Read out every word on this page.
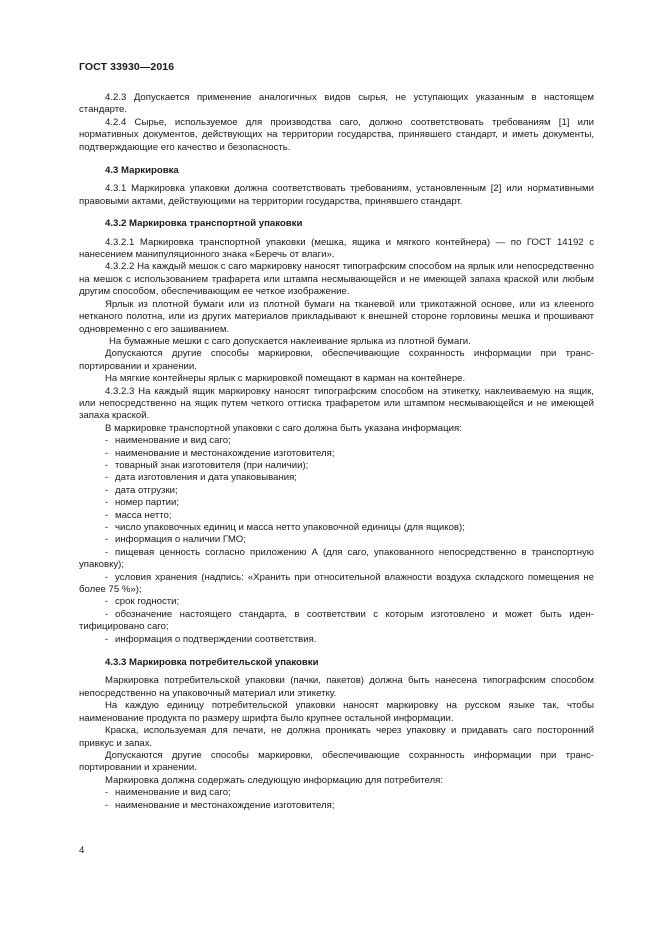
ГОСТ 33930—2016

4.2.3 Допускается применение аналогичных видов сырья, не уступающих указанным в настоящем стандарте.

4.2.4 Сырье, используемое для производства саго, должно соответствовать требованиям [1] или нормативных документов, действующих на территории государства, принявшего стандарт, и иметь документы, подтверждающие его качество и безопасность.

4.3 Маркировка

4.3.1 Маркировка упаковки должна соответствовать требованиям, установленным [2] или нормативными правовыми актами, действующими на территории государства, принявшего стандарт.

4.3.2 Маркировка транспортной упаковки

4.3.2.1 Маркировка транспортной упаковки (мешка, ящика и мягкого контейнера) — по ГОСТ 14192 с нанесением манипуляционного знака «Беречь от влаги».

4.3.2.2 На каждый мешок с саго маркировку наносят типографским способом на ярлык или непосредственно на мешок с использованием трафарета или штампа несмывающейся и не имеющей запаха краской или любым другим способом, обеспечивающим ее четкое изображение.

Ярлык из плотной бумаги или из плотной бумаги на тканевой или трикотажной основе, или из клееного нетканого полотна, или из других материалов прикладывают к внешней стороне горловины мешка и прошивают одновременно с его зашиванием.

На бумажные мешки с саго допускается наклеивание ярлыка из плотной бумаги.

Допускаются другие способы маркировки, обеспечивающие сохранность информации при транспортировании и хранении.

На мягкие контейнеры ярлык с маркировкой помещают в карман на контейнере.

4.3.2.3 На каждый ящик маркировку наносят типографским способом на этикетку, наклеиваемую на ящик, или непосредственно на ящик путем четкого оттиска трафаретом или штампом несмывающейся и не имеющей запаха краской.

В маркировке транспортной упаковки с саго должна быть указана информация:

- наименование и вид саго;

- наименование и местонахождение изготовителя;

- товарный знак изготовителя (при наличии);

- дата изготовления и дата упаковывания;

- дата отгрузки;

- номер партии;

- масса нетто;

- число упаковочных единиц и масса нетто упаковочной единицы (для ящиков);

- информация о наличии ГМО;

- пищевая ценность согласно приложению А (для саго, упакованного непосредственно в транспортную упаковку);

- условия хранения (надпись: «Хранить при относительной влажности воздуха складского помещения не более 75 %»);

- срок годности;

- обозначение настоящего стандарта, в соответствии с которым изготовлено и может быть идентифицировано саго;

- информация о подтверждении соответствия.

4.3.3 Маркировка потребительской упаковки

Маркировка потребительской упаковки (пачки, пакетов) должна быть нанесена типографским способом непосредственно на упаковочный материал или этикетку.

На каждую единицу потребительской упаковки наносят маркировку на русском языке так, чтобы наименование продукта по размеру шрифта было крупнее остальной информации.

Краска, используемая для печати, не должна проникать через упаковку и придавать саго посторонний привкус и запах.

Допускаются другие способы маркировки, обеспечивающие сохранность информации при транспортировании и хранении.

Маркировка должна содержать следующую информацию для потребителя:

- наименование и вид саго;

- наименование и местонахождение изготовителя;

4
